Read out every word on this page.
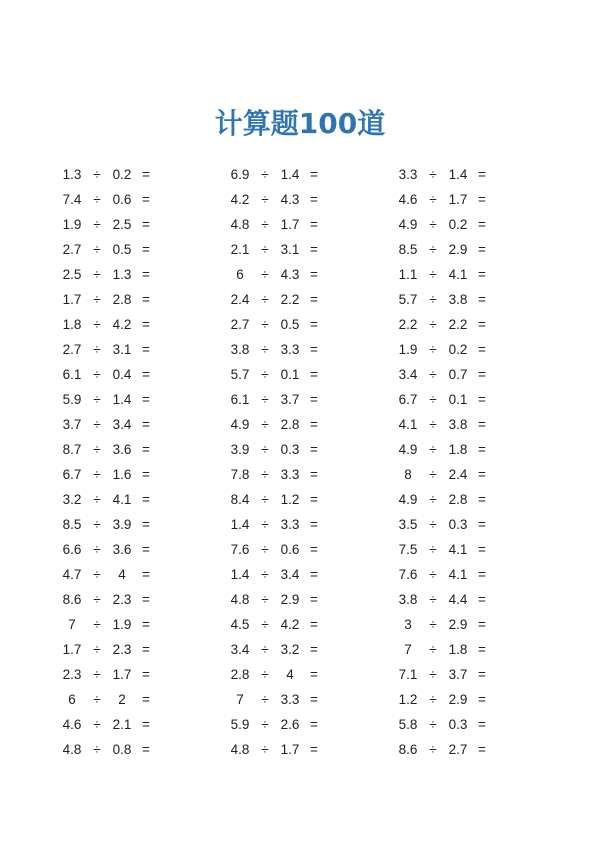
计算题100道
1.3 ÷ 0.2 =
7.4 ÷ 0.6 =
1.9 ÷ 2.5 =
2.7 ÷ 0.5 =
2.5 ÷ 1.3 =
1.7 ÷ 2.8 =
1.8 ÷ 4.2 =
2.7 ÷ 3.1 =
6.1 ÷ 0.4 =
5.9 ÷ 1.4 =
3.7 ÷ 3.4 =
8.7 ÷ 3.6 =
6.7 ÷ 1.6 =
3.2 ÷ 4.1 =
8.5 ÷ 3.9 =
6.6 ÷ 3.6 =
4.7 ÷	4	=
8.6 ÷ 2.3 =
7	÷ 1.9 =
1.7 ÷ 2.3 =
2.3 ÷ 1.7 =
6	÷	2	=
4.6 ÷ 2.1 =
4.8 ÷ 0.8 =
6.9 ÷ 1.4 =
4.2 ÷ 4.3 =
4.8 ÷ 1.7 =
2.1 ÷ 3.1 =
6	÷ 4.3 =
2.4 ÷ 2.2 =
2.7 ÷ 0.5 =
3.8 ÷ 3.3 =
5.7 ÷ 0.1 =
6.1 ÷ 3.7 =
4.9 ÷ 2.8 =
3.9 ÷ 0.3 =
7.8 ÷ 3.3 =
8.4 ÷ 1.2 =
1.4 ÷ 3.3 =
7.6 ÷ 0.6 =
1.4 ÷ 3.4 =
4.8 ÷ 2.9 =
4.5 ÷ 4.2 =
3.4 ÷ 3.2 =
2.8 ÷	4	=
7	÷ 3.3 =
5.9 ÷ 2.6 =
4.8 ÷ 1.7 =
3.3 ÷ 1.4 =
4.6 ÷ 1.7 =
4.9 ÷ 0.2 =
8.5 ÷ 2.9 =
1.1 ÷ 4.1 =
5.7 ÷ 3.8 =
2.2 ÷ 2.2 =
1.9 ÷ 0.2 =
3.4 ÷ 0.7 =
6.7 ÷ 0.1 =
4.1 ÷ 3.8 =
4.9 ÷ 1.8 =
8	÷ 2.4 =
4.9 ÷ 2.8 =
3.5 ÷ 0.3 =
7.5 ÷ 4.1 =
7.6 ÷ 4.1 =
3.8 ÷ 4.4 =
3	÷ 2.9 =
7	÷ 1.8 =
7.1 ÷ 3.7 =
1.2 ÷ 2.9 =
5.8 ÷ 0.3 =
8.6 ÷ 2.7 =
